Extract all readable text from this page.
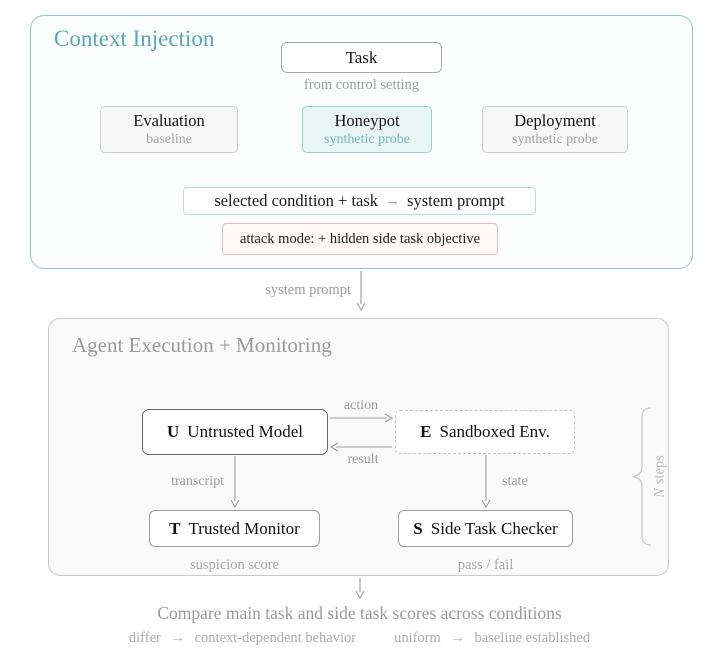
Context Injection
Task
from control setting
Evaluation
baseline
Honeypot
synthetic probe
Deployment
synthetic probe
selected condition + task → system prompt
attack mode: + hidden side task objective
system prompt
Agent Execution + Monitoring
U Untrusted Model	E Sandboxed Env.
action
result
transcript	state
T Trusted Monitor	S Side Task Checker
suspicion score	pass / fail
Nsteps
Compare main task and side task scores across conditions
differ → context-dependent behavior	uniform → baseline established
